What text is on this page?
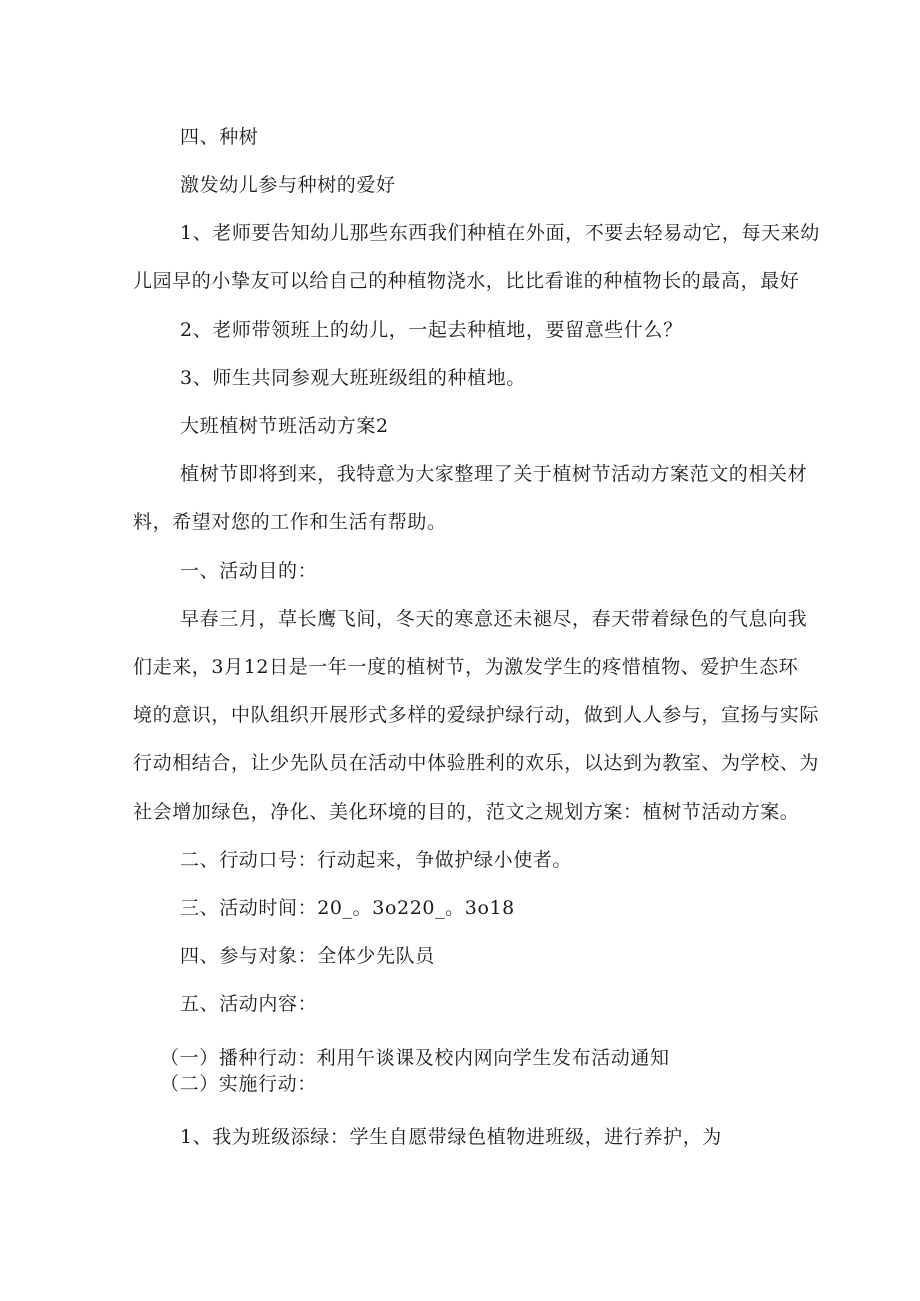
四、种树

激发幼儿参与种树的爱好

1、老师要告知幼儿那些东西我们种植在外面，不要去轻易动它，每天来幼

儿园早的小挚友可以给自己的种植物浇水，比比看谁的种植物长的最高，最好

2、老师带领班上的幼儿，一起去种植地，要留意些什么？

3、师生共同参观大班班级组的种植地。

大班植树节班活动方案2

植树节即将到来，我特意为大家整理了关于植树节活动方案范文的相关材

料，希望对您的工作和生活有帮助。

一、活动目的：

早春三月，草长鹰飞间，冬天的寒意还未褪尽，春天带着绿色的气息向我

们走来，3月12日是一年一度的植树节，为激发学生的疼惜植物、爱护生态环

境的意识，中队组织开展形式多样的爱绿护绿行动，做到人人参与，宣扬与实际

行动相结合，让少先队员在活动中体验胜利的欢乐，以达到为教室、为学校、为

社会增加绿色，净化、美化环境的目的，范文之规划方案：植树节活动方案。

二、行动口号：行动起来，争做护绿小使者。

三、活动时间：20_。3o220_。3o18

四、参与对象：全体少先队员

五、活动内容：

（一）播种行动：利用午谈课及校内网向学生发布活动通知

（二）实施行动：

1、我为班级添绿：学生自愿带绿色植物进班级，进行养护，为
